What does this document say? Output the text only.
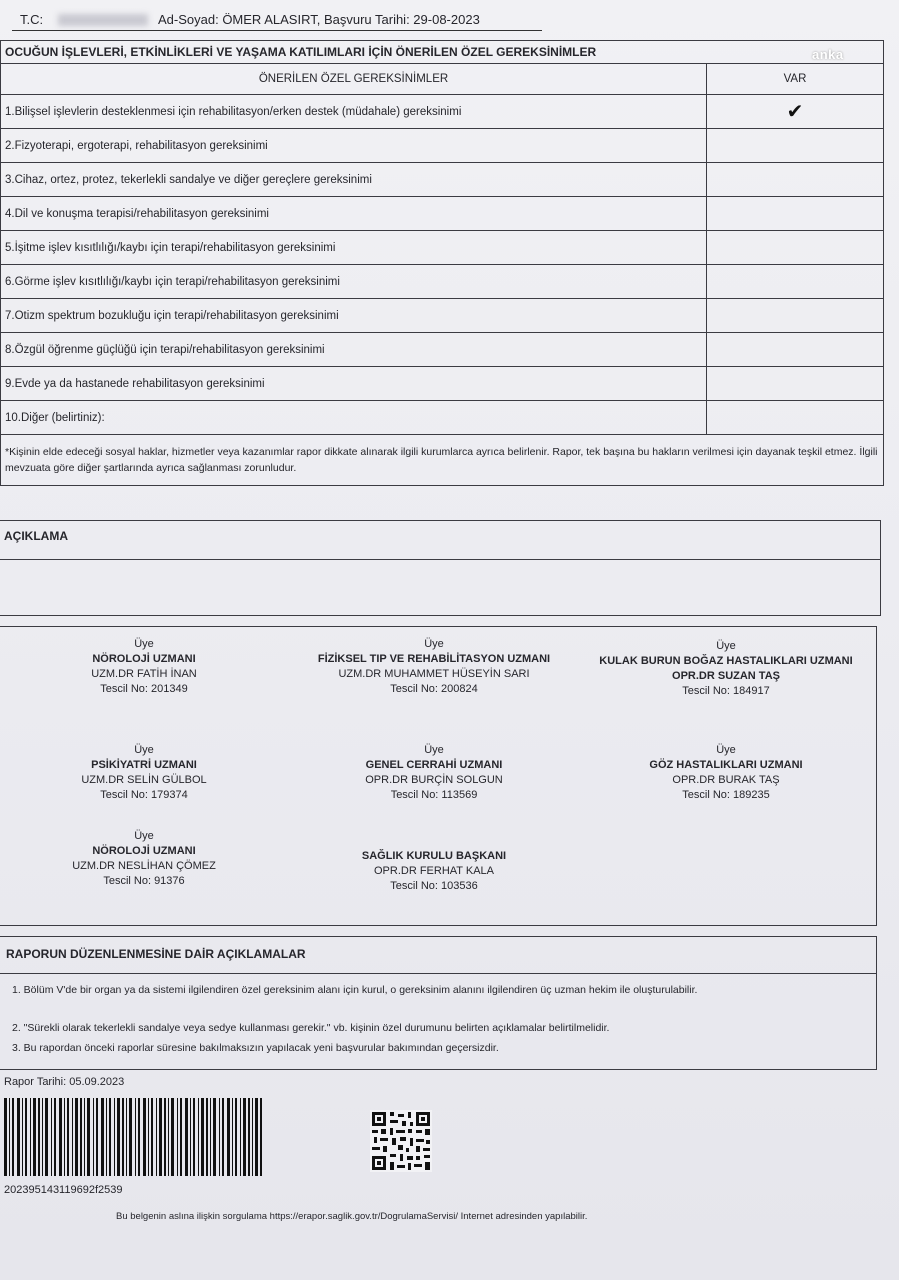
T.C:	Ad-Soyad: ÖMER ALASIRT, Başvuru Tarihi: 29-08-2023
OCUĞUN İŞLEVLERİ, ETKİNLİKLERİ VE YAŞAMA KATILIMLARI İÇİN ÖNERİLEN ÖZEL GEREKSİNİMLER	
ÖNERİLEN ÖZEL GEREKSİNİMLER	VAR
1.Bilişsel işlevlerin desteklenmesi için rehabilitasyon/erken destek (müdahale) gereksinimi	✔
2.Fizyoterapi, ergoterapi, rehabilitasyon gereksinimi	
3.Cihaz, ortez, protez, tekerlekli sandalye ve diğer gereçlere gereksinimi	
4.Dil ve konuşma terapisi/rehabilitasyon gereksinimi	
5.İşitme işlev kısıtlılığı/kaybı için terapi/rehabilitasyon gereksinimi	
6.Görme işlev kısıtlılığı/kaybı için terapi/rehabilitasyon gereksinimi	
7.Otizm spektrum bozukluğu için terapi/rehabilitasyon gereksinimi	
8.Özgül öğrenme güçlüğü için terapi/rehabilitasyon gereksinimi	
9.Evde ya da hastanede rehabilitasyon gereksinimi	
10.Diğer (belirtiniz):	
*Kişinin elde edeceği sosyal haklar, hizmetler veya kazanımlar rapor dikkate alınarak ilgili kurumlarca ayrıca belirlenir. Rapor, tek başına bu hakların verilmesi için dayanak teşkil etmez. İlgili mevzuata göre diğer şartlarında ayrıca sağlanması zorunludur.	
AÇIKLAMA
Üye
NÖROLOJİ UZMANI
UZM.DR FATİH İNAN
Tescil No: 201349
Üye
FİZİKSEL TIP VE REHABİLİTASYON UZMANI
UZM.DR MUHAMMET HÜSEYİN SARI
Tescil No: 200824
Üye
KULAK BURUN BOĞAZ HASTALIKLARI UZMANI
OPR.DR SUZAN TAŞ
Tescil No: 184917
Üye
PSİKİYATRİ UZMANI
UZM.DR SELİN GÜLBOL
Tescil No: 179374
Üye
GENEL CERRAHİ UZMANI
OPR.DR BURÇİN SOLGUN
Tescil No: 113569
Üye
GÖZ HASTALIKLARI UZMANI
OPR.DR BURAK TAŞ
Tescil No: 189235
Üye
NÖROLOJİ UZMANI
UZM.DR NESLİHAN ÇÖMEZ
Tescil No: 91376
SAĞLIK KURULU BAŞKANI
OPR.DR FERHAT KALA
Tescil No: 103536
RAPORUN DÜZENLENMESİNE DAİR AÇIKLAMALAR
1. Bölüm V'de bir organ ya da sistemi ilgilendiren özel gereksinim alanı için kurul, o gereksinim alanını ilgilendiren üç uzman hekim ile oluşturulabilir.
2. "Sürekli olarak tekerlekli sandalye veya sedye kullanması gerekir." vb. kişinin özel durumunu belirten açıklamalar belirtilmelidir.
3. Bu rapordan önceki raporlar süresine bakılmaksızın yapılacak yeni başvurular bakımından geçersizdir.
Rapor Tarihi: 05.09.2023
202395143119692f2539
Bu belgenin aslına ilişkin sorgulama https://erapor.saglik.gov.tr/DogrulamaServisi/ Internet adresinden yapılabilir.
anka
